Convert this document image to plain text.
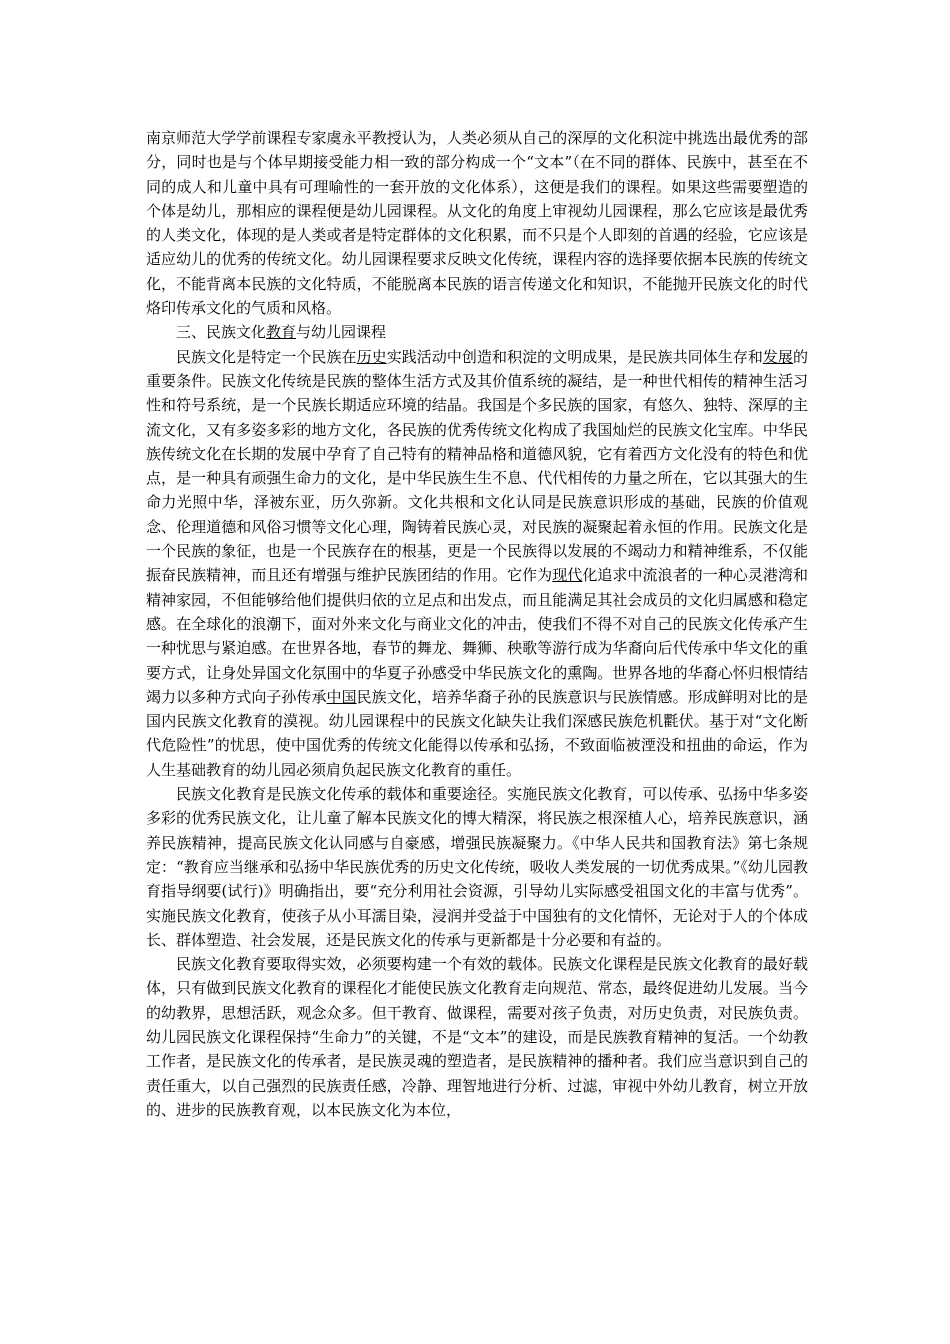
南京师范大学学前课程专家虞永平教授认为，人类必须从自己的深厚的文化积淀中挑选出最优秀的部分，同时也是与个体早期接受能力相一致的部分构成一个“文本”（在不同的群体、民族中，甚至在不同的成人和儿童中具有可理喻性的一套开放的文化体系），这便是我们的课程。如果这些需要塑造的个体是幼儿，那相应的课程便是幼儿园课程。从文化的角度上审视幼儿园课程，那么它应该是最优秀的人类文化，体现的是人类或者是特定群体的文化积累，而不只是个人即刻的首遇的经验，它应该是适应幼儿的优秀的传统文化。幼儿园课程要求反映文化传统，课程内容的选择要依据本民族的传统文化，不能背离本民族的文化特质，不能脱离本民族的语言传递文化和知识，不能抛开民族文化的时代烙印传承文化的气质和风格。

三、民族文化教育与幼儿园课程

民族文化是特定一个民族在历史实践活动中创造和积淀的文明成果，是民族共同体生存和发展的重要条件。民族文化传统是民族的整体生活方式及其价值系统的凝结，是一种世代相传的精神生活习性和符号系统，是一个民族长期适应环境的结晶。我国是个多民族的国家，有悠久、独特、深厚的主流文化，又有多姿多彩的地方文化，各民族的优秀传统文化构成了我国灿烂的民族文化宝库。中华民族传统文化在长期的发展中孕育了自己特有的精神品格和道德风貌，它有着西方文化没有的特色和优点，是一种具有顽强生命力的文化，是中华民族生生不息、代代相传的力量之所在，它以其强大的生命力光照中华，泽被东亚，历久弥新。文化共根和文化认同是民族意识形成的基础，民族的价值观念、伦理道德和风俗习惯等文化心理，陶铸着民族心灵，对民族的凝聚起着永恒的作用。民族文化是一个民族的象征，也是一个民族存在的根基，更是一个民族得以发展的不竭动力和精神维系，不仅能振奋民族精神，而且还有增强与维护民族团结的作用。它作为现代化追求中流浪者的一种心灵港湾和精神家园，不但能够给他们提供归依的立足点和出发点，而且能满足其社会成员的文化归属感和稳定感。在全球化的浪潮下，面对外来文化与商业文化的冲击，使我们不得不对自己的民族文化传承产生一种忧思与紧迫感。在世界各地，春节的舞龙、舞狮、秧歌等游行成为华裔向后代传承中华文化的重要方式，让身处异国文化氛围中的华夏子孙感受中华民族文化的熏陶。世界各地的华裔心怀归根情结竭力以多种方式向子孙传承中国民族文化，培养华裔子孙的民族意识与民族情感。形成鲜明对比的是国内民族文化教育的漠视。幼儿园课程中的民族文化缺失让我们深感民族危机氍伏。基于对“文化断代危险性”的忧思，使中国优秀的传统文化能得以传承和弘扬，不致面临被湮没和扭曲的命运，作为人生基础教育的幼儿园必须肩负起民族文化教育的重任。

民族文化教育是民族文化传承的载体和重要途径。实施民族文化教育，可以传承、弘扬中华多姿多彩的优秀民族文化，让儿童了解本民族文化的博大精深，将民族之根深植人心，培养民族意识，涵养民族精神，提高民族文化认同感与自豪感，增强民族凝聚力。《中华人民共和国教育法》第七条规定：“教育应当继承和弘扬中华民族优秀的历史文化传统，吸收人类发展的一切优秀成果。”《幼儿园教育指导纲要(试行)》明确指出，要“充分利用社会资源，引导幼儿实际感受祖国文化的丰富与优秀”。实施民族文化教育，使孩子从小耳濡目染，浸润并受益于中国独有的文化情怀，无论对于人的个体成长、群体塑造、社会发展，还是民族文化的传承与更新都是十分必要和有益的。

民族文化教育要取得实效，必须要构建一个有效的载体。民族文化课程是民族文化教育的最好载体，只有做到民族文化教育的课程化才能使民族文化教育走向规范、常态，最终促进幼儿发展。当今的幼教界，思想活跃，观念众多。但干教育、做课程，需要对孩子负责，对历史负责，对民族负责。幼儿园民族文化课程保持“生命力”的关键，不是“文本”的建设，而是民族教育精神的复活。一个幼教工作者，是民族文化的传承者，是民族灵魂的塑造者，是民族精神的播种者。我们应当意识到自己的责任重大，以自己强烈的民族责任感，冷静、理智地进行分析、过滤，审视中外幼儿教育，树立开放的、进步的民族教育观，以本民族文化为本位，
